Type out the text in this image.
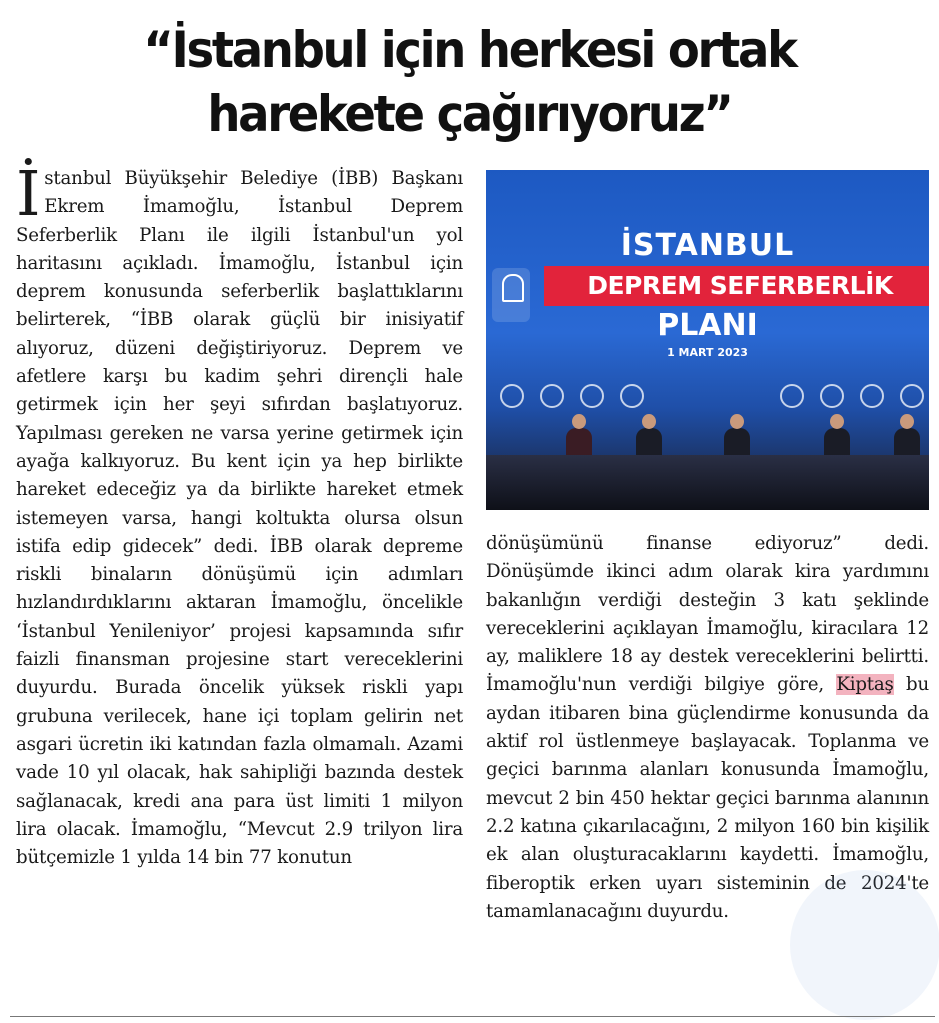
“İstanbul için herkesi ortak
harekete çağırıyoruz”
İstanbul Büyükşehir Belediye (İBB) Başkanı Ekrem İmamoğlu, İstanbul Deprem Seferberlik Planı ile ilgili İstanbul'un yol haritasını açıkladı. İmamoğlu, İstanbul için deprem konusunda seferberlik başlattıklarını belirterek, “İBB olarak güçlü bir inisiyatif alıyoruz, düzeni değiştiriyoruz. Deprem ve afetlere karşı bu kadim şehri dirençli hale getirmek için her şeyi sıfırdan başlatıyoruz. Yapılması gereken ne varsa yerine getirmek için ayağa kalkıyoruz. Bu kent için ya hep birlikte hareket edeceğiz ya da birlikte hareket etmek istemeyen varsa, hangi koltukta olursa olsun istifa edip gidecek” dedi. İBB olarak depreme riskli binaların dönüşümü için adımları hızlandırdıklarını aktaran İmamoğlu, öncelikle ‘İstanbul Yenileniyor’ projesi kapsamında sıfır faizli finansman projesine start vereceklerini duyurdu. Burada öncelik yüksek riskli yapı grubuna verilecek, hane içi toplam gelirin net asgari ücretin iki katından fazla olmamalı. Azami vade 10 yıl olacak, hak sahipliği bazında destek sağlanacak, kredi ana para üst limiti 1 milyon lira olacak. İmamoğlu, “Mevcut 2.9 trilyon lira bütçemizle 1 yılda 14 bin 77 konutun
İSTANBUL
DEPREM SEFERBERLİK
PLANI
1 MART 2023
dönüşümünü finanse ediyoruz” dedi. Dönüşümde ikinci adım olarak kira yardımını bakanlığın verdiği desteğin 3 katı şeklinde vereceklerini açıklayan İmamoğlu, kiracılara 12 ay, maliklere 18 ay destek vereceklerini belirtti. İmamoğlu'nun verdiği bilgiye göre, Kiptaş bu aydan itibaren bina güçlendirme konusunda da aktif rol üstlenmeye başlayacak. Toplanma ve geçici barınma alanları konusunda İmamoğlu, mevcut 2 bin 450 hektar geçici barınma alanının 2.2 katına çıkarılacağını, 2 milyon 160 bin kişilik ek alan oluşturacaklarını kaydetti. İmamoğlu, fiberoptik erken uyarı sisteminin de 2024'te tamamlanacağını duyurdu.
